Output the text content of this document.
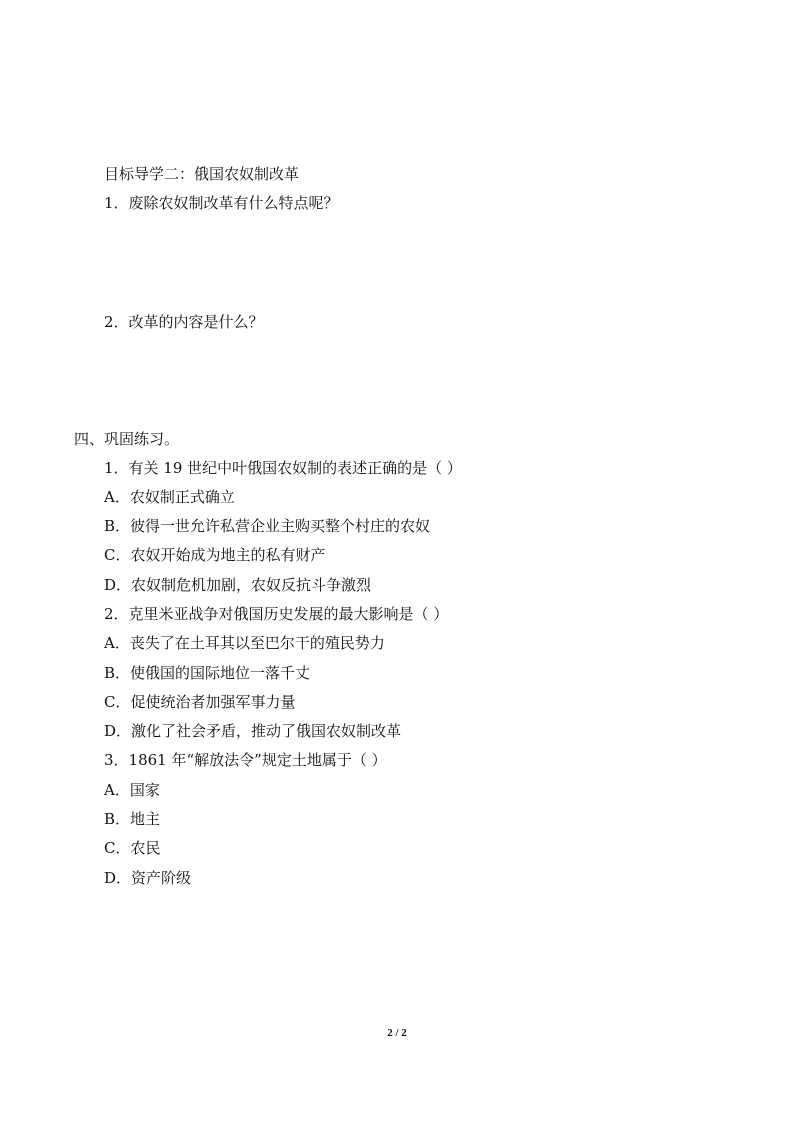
目标导学二：俄国农奴制改革
1．废除农奴制改革有什么特点呢？
2．改革的内容是什么？
四、巩固练习。
1．有关 19 世纪中叶俄国农奴制的表述正确的是（ ）
A．农奴制正式确立
B．彼得一世允许私营企业主购买整个村庄的农奴
C．农奴开始成为地主的私有财产
D．农奴制危机加剧，农奴反抗斗争激烈
2．克里米亚战争对俄国历史发展的最大影响是（ ）
A．丧失了在土耳其以至巴尔干的殖民势力
B．使俄国的国际地位一落千丈
C．促使统治者加强军事力量
D．激化了社会矛盾，推动了俄国农奴制改革
3．1861 年“解放法令”规定土地属于（ ）
A．国家
B．地主
C．农民
D．资产阶级
2 / 2
